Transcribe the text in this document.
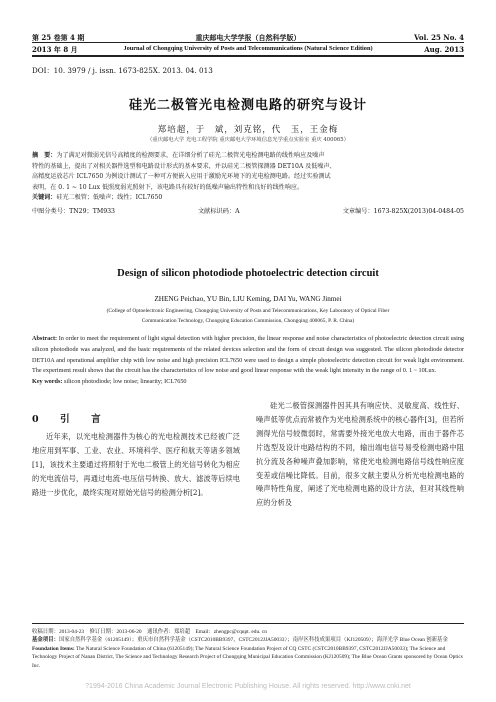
第 25 卷第 4 期	重庆邮电大学学报（自然科学版）	Vol. 25 No. 4
2013 年 8 月	Journal of Chongqing University of Posts and Telecommunications (Natural Science Edition)	Aug. 2013
DOI：10. 3979 / j. issn. 1673-825X. 2013. 04. 013
硅光二极管光电检测电路的研究与设计
郑培超，于　斌，刘克铭，代　玉，王金梅
（重庆邮电大学 光电工程学院 重庆邮电大学环境信息光学重点实验室 重庆 400065）
摘　要：为了满足对微弱光信号高精度的检测要求，在详细分析了硅光二极管光电检测电路的线性响应及噪声
特性的基础上，提出了对相关器件选型和电路设计形式的基本要求，并以硅光二极管探测器 DET10A 及低噪声、
高精度运放芯片 ICL7650 为例设计测试了一种可方便嵌入应用于激励光环境下的光电检测电路。经过实验测试
表明，在 0. 1 ~ 10 Lux 低照度弱光照射下，该电路具有较好的低噪声输出特性和良好的线性响应。
关键词：硅光二极管；低噪声；线性；ICL7650
中图分类号：TN29；TM933	文献标识码：A	文章编号：1673-825X(2013)04-0484-05
Design of silicon photodiode photoelectric detection circuit
ZHENG Peichao, YU Bin, LIU Keming, DAI Yu, WANG Jinmei
(College of Optoelectronic Engineering, Chongqing University of Posts and Telecommunications, Key Laboratory of Optical Fiber
Communication Technology, Chongqing Education Commission, Chongqing 400065, P. R. China)
Abstract: In order to meet the requirement of light signal detection with higher precision, the linear response and noise characteristics of photoelectric detection circuit using silicon photodiode was analyzed, and the basic requirements of the related devices selection and the form of circuit design was suggested. The silicon photodiode detector DET10A and operational amplifier chip with low noise and high precision ICL7650 were used to design a simple photoelectric detection circuit for weak light environment. The experiment result shows that the circuit has the characteristics of low noise and good linear response with the weak light intensity in the range of 0. 1 ~ 10Lux.
Key words: silicon photodiode; low noise; linearity; ICL7650
0　引　言
近年来，以光电检测器件为核心的光电检测技术已经被广泛地应用到军事、工业、农业、环境科学、医疗和航天等诸多领域[1]，该技术主要通过将照射于光电二极管上的光信号转化为相应的光电流信号，再通过电流-电压信号转换、放大、滤波等后续电路进一步优化，最终实现对原始光信号的检测分析[2]。
硅光二极管探测器件因其具有响应快、灵敏度高、线性好、噪声低等优点而常被作为光电检测系统中的核心器件[3]，但若所测得光信号较微弱时，常需要外接光电放大电路，而由于器件芯片选型及设计电路结构的不同，输出端电信号易受检测电路中阻抗分流及各种噪声叠加影响，常使光电检测电路信号线性响应度变差或信噪比降低。目前，很多文献主要从分析光电检测电路的噪声特性角度，阐述了光电检测电路的设计方法，但对其线性响应的分析及
收稿日期：2013-04-23　修订日期：2013-06-20　通讯作者：郑培超　Email：zhengpc@cqupt. edu. cn
基金项目：国家自然科学基金（61205149）；重庆市自然科学基金（CSTC2010BB9397，CSTC2012JJA50033）；南岸区科技成果项目（KJ120509）；海洋光学 Blue Ocean 创新基金
Foundation Items: The Natural Science Foundation of China (61205149); The Natural Science Foundation Project of CQ CSTC (CSTC2010BB9397, CSTC2012JJA50033); The Science and Technology Project of Nanan District, The Science and Technology Research Project of Chongqing Municipal Education Commission (KJ120509); The Blue Ocean Grants sponsored by Ocean Optics Inc.
?1994-2016 China Academic Journal Electronic Publishing House. All rights reserved. http://www.cnki.net
